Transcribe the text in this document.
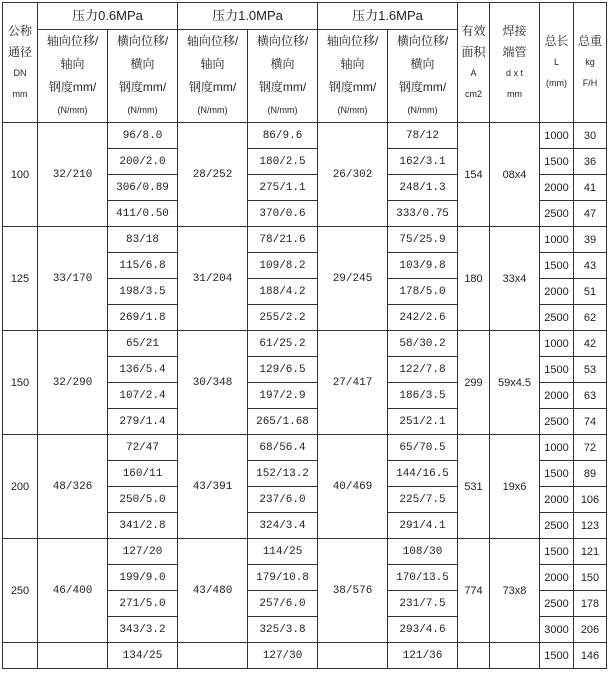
公称
通径
DN
mm	压力0.6MPa		压力1.0MPa		压力1.6MPa		有效
面积
A
cm2	焊接
端管
d x t
mm	总长
L
(mm)	总重
kg
F/H

	轴向位移/
轴向
钢度mm/
(N/mm)	横向位移/
横向
钢度mm/
(N/mm)	轴向位移/
轴向
钢度mm/
(N/mm)	横向位移/
横向
钢度mm/
(N/mm)	轴向位移/
轴向
钢度mm/
(N/mm)	横向位移/
横向
钢度mm/
(N/mm)				

100	32/210	96/8.0	28/252	86/9.6	26/302	78/12	154	08x4	1000	30
		200/2.0		180/2.5		162/3.1			1500	36
		306/0.89		275/1.1		248/1.3			2000	41
		411/0.50		370/0.6		333/0.75			2500	47
125	33/170	83/18	31/204	78/21.6	29/245	75/25.9	180	33x4	1000	39
		115/6.8		109/8.2		103/9.8			1500	43
		198/3.5		188/4.2		178/5.0			2000	51
		269/1.8		255/2.2		242/2.6			2500	62
150	32/290	65/21	30/348	61/25.2	27/417	58/30.2	299	59x4.5	1000	42
		136/5.4		129/6.5		122/7.8			1500	53
		107/2.4		197/2.9		186/3.5			2000	63
		279/1.4		265/1.68		251/2.1			2500	74
200	48/326	72/47	43/391	68/56.4	40/469	65/70.5	531	19x6	1000	72
		160/11		152/13.2		144/16.5			1500	89
		250/5.0		237/6.0		225/7.5			2000	106
		341/2.8		324/3.4		291/4.1			2500	123
250	46/400	127/20	43/480	114/25	38/576	108/30	774	73x8	1500	121
		199/9.0		179/10.8		170/13.5			2000	150
		271/5.0		257/6.0		231/7.5			2500	178
		343/3.2		325/3.8		293/4.6			3000	206
		134/25		127/30		121/36			1500	146
